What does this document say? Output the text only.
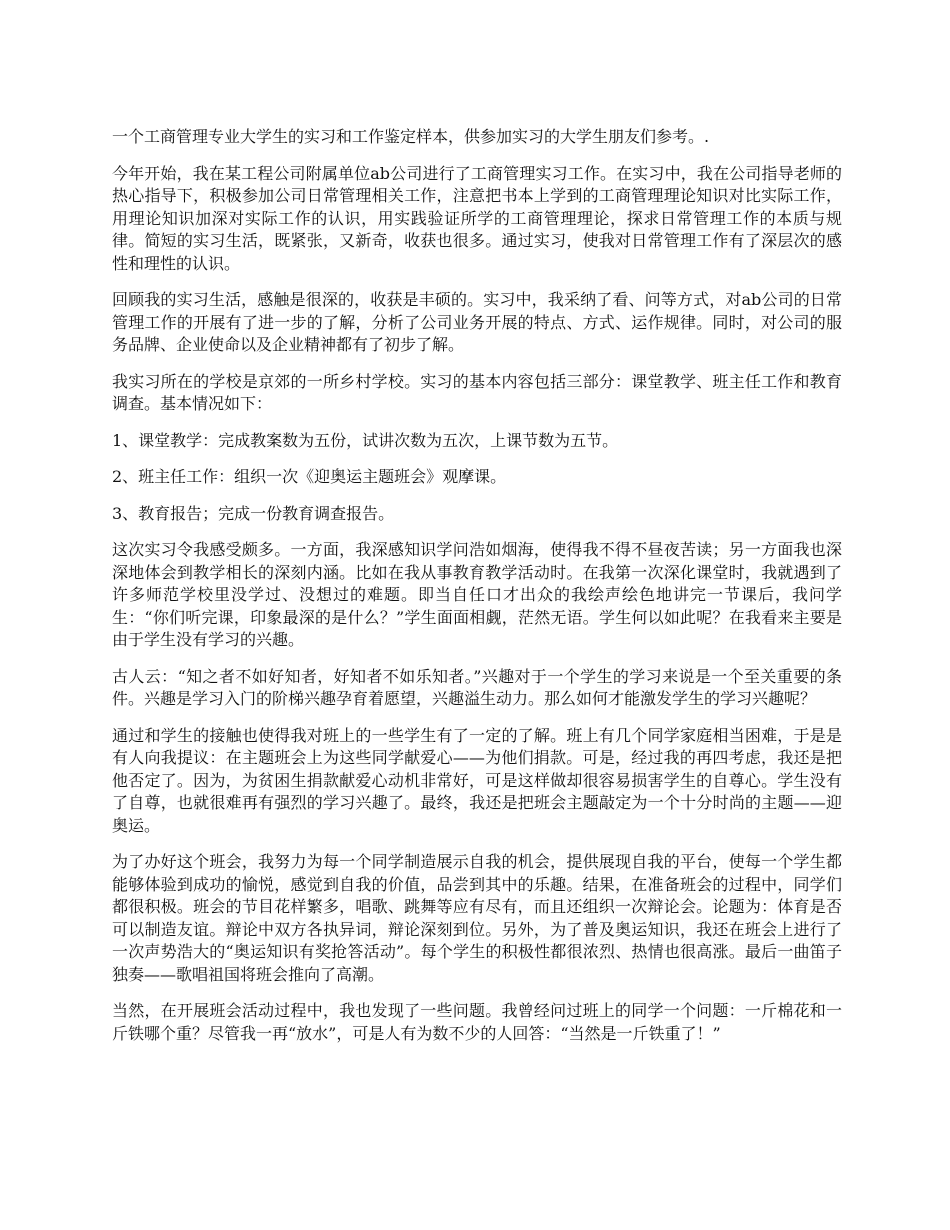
一个工商管理专业大学生的实习和工作鉴定样本，供参加实习的大学生朋友们参考。.

今年开始，我在某工程公司附属单位ab公司进行了工商管理实习工作。在实习中，我在公司指导老师的热心指导下，积极参加公司日常管理相关工作，注意把书本上学到的工商管理理论知识对比实际工作，用理论知识加深对实际工作的认识，用实践验证所学的工商管理理论，探求日常管理工作的本质与规律。简短的实习生活，既紧张，又新奇，收获也很多。通过实习，使我对日常管理工作有了深层次的感性和理性的认识。

回顾我的实习生活，感触是很深的，收获是丰硕的。实习中，我采纳了看、问等方式，对ab公司的日常管理工作的开展有了进一步的了解，分析了公司业务开展的特点、方式、运作规律。同时，对公司的服务品牌、企业使命以及企业精神都有了初步了解。

我实习所在的学校是京郊的一所乡村学校。实习的基本内容包括三部分：课堂教学、班主任工作和教育调查。基本情况如下：

1、课堂教学：完成教案数为五份，试讲次数为五次，上课节数为五节。

2、班主任工作：组织一次《迎奥运主题班会》观摩课。

3、教育报告；完成一份教育调查报告。

这次实习令我感受颇多。一方面，我深感知识学问浩如烟海，使得我不得不昼夜苦读；另一方面我也深深地体会到教学相长的深刻内涵。比如在我从事教育教学活动时。在我第一次深化课堂时，我就遇到了许多师范学校里没学过、没想过的难题。即当自任口才出众的我绘声绘色地讲完一节课后，我问学生：“你们听完课，印象最深的是什么？”学生面面相觑，茫然无语。学生何以如此呢？在我看来主要是由于学生没有学习的兴趣。

古人云：“知之者不如好知者，好知者不如乐知者。”兴趣对于一个学生的学习来说是一个至关重要的条件。兴趣是学习入门的阶梯兴趣孕育着愿望，兴趣溢生动力。那么如何才能激发学生的学习兴趣呢？

通过和学生的接触也使得我对班上的一些学生有了一定的了解。班上有几个同学家庭相当困难，于是是有人向我提议：在主题班会上为这些同学献爱心——为他们捐款。可是，经过我的再四考虑，我还是把他否定了。因为，为贫困生捐款献爱心动机非常好，可是这样做却很容易损害学生的自尊心。学生没有了自尊，也就很难再有强烈的学习兴趣了。最终，我还是把班会主题敲定为一个十分时尚的主题——迎奥运。

为了办好这个班会，我努力为每一个同学制造展示自我的机会，提供展现自我的平台，使每一个学生都能够体验到成功的愉悦，感觉到自我的价值，品尝到其中的乐趣。结果，在准备班会的过程中，同学们都很积极。班会的节目花样繁多，唱歌、跳舞等应有尽有，而且还组织一次辩论会。论题为：体育是否可以制造友谊。辩论中双方各执异词，辩论深刻到位。另外，为了普及奥运知识，我还在班会上进行了一次声势浩大的“奥运知识有奖抢答活动”。每个学生的积极性都很浓烈、热情也很高涨。最后一曲笛子独奏——歌唱祖国将班会推向了高潮。

当然，在开展班会活动过程中，我也发现了一些问题。我曾经问过班上的同学一个问题：一斤棉花和一斤铁哪个重？尽管我一再“放水”，可是人有为数不少的人回答：“当然是一斤铁重了！”
